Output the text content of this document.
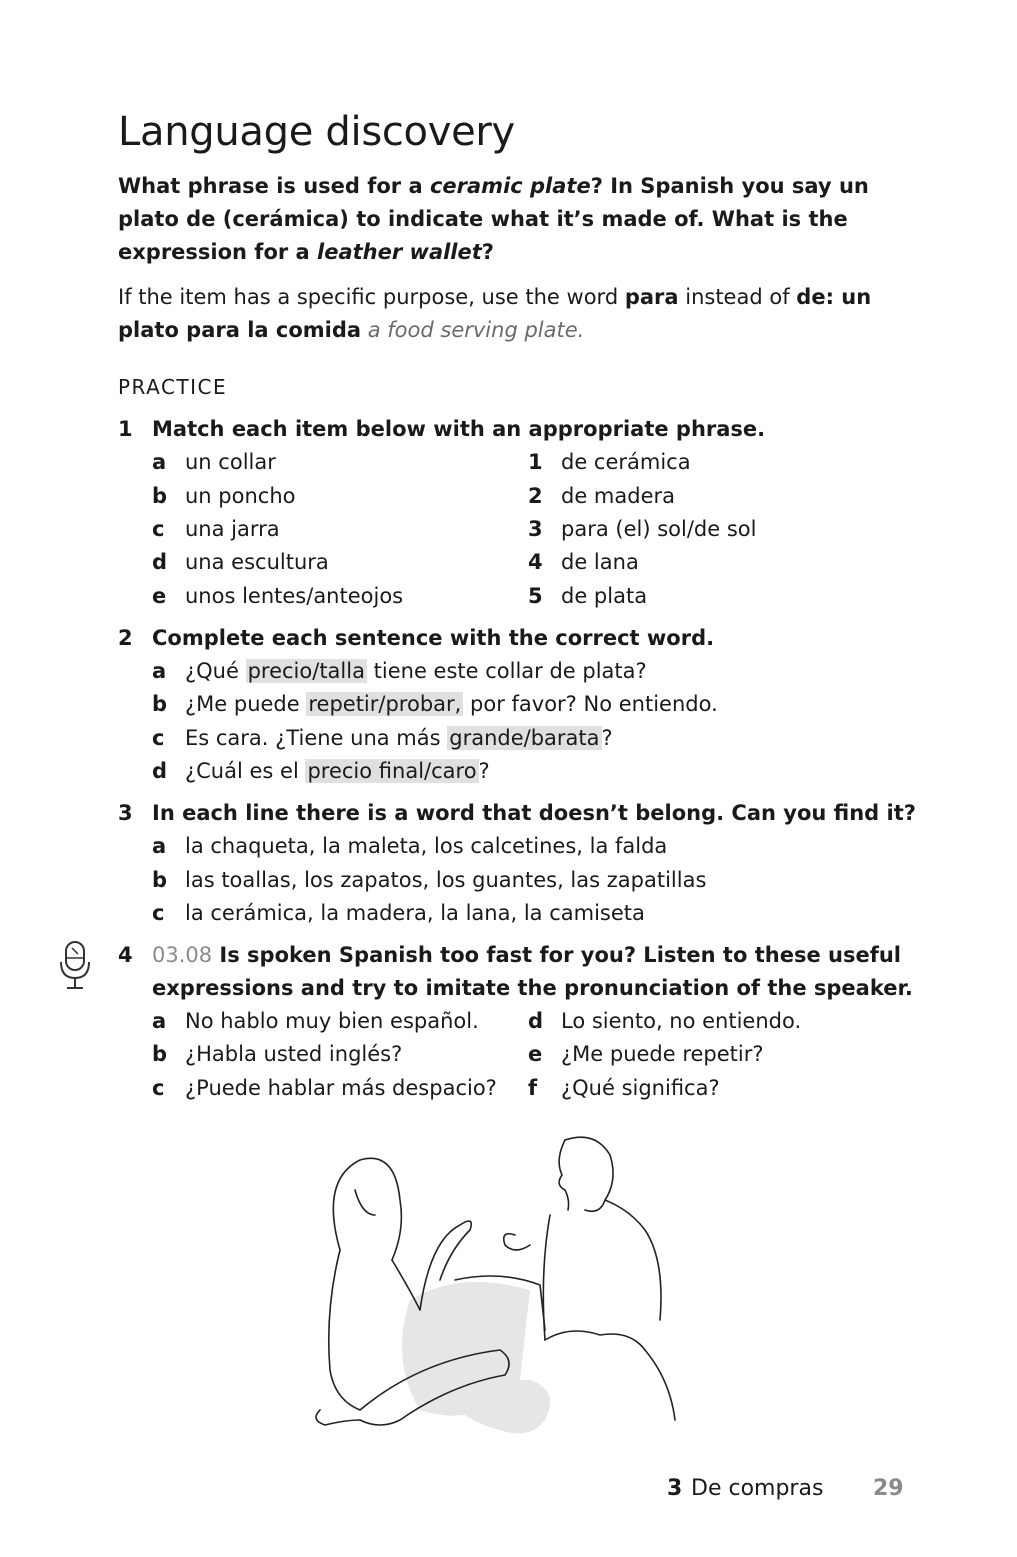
Language discovery

What phrase is used for a ceramic plate? In Spanish you say un plato de (cerámica) to indicate what it’s made of. What is the expression for a leather wallet?

If the item has a specific purpose, use the word para instead of de: un plato para la comida a food serving plate.

PRACTICE
1 Match each item below with an appropriate phrase.
a un collar	1 de cerámica
b un poncho	2 de madera
c una jarra	3 para (el) sol/de sol
d una escultura	4 de lana
e unos lentes/anteojos	5 de plata
2 Complete each sentence with the correct word.
a ¿Qué precio/talla tiene este collar de plata?
b ¿Me puede repetir/probar, por favor? No entiendo.
c Es cara. ¿Tiene una más grande/barata?
d ¿Cuál es el precio final/caro?
3 In each line there is a word that doesn’t belong. Can you find it?
a la chaqueta, la maleta, los calcetines, la falda
b las toallas, los zapatos, los guantes, las zapatillas
c la cerámica, la madera, la lana, la camiseta
4 03.08 Is spoken Spanish too fast for you? Listen to these useful
expressions and try to imitate the pronunciation of the speaker.
a No hablo muy bien español. d Lo siento, no entiendo.
b ¿Habla usted inglés?	e ¿Me puede repetir?
c ¿Puede hablar más despacio? f ¿Qué significa?
3 De compras 29
